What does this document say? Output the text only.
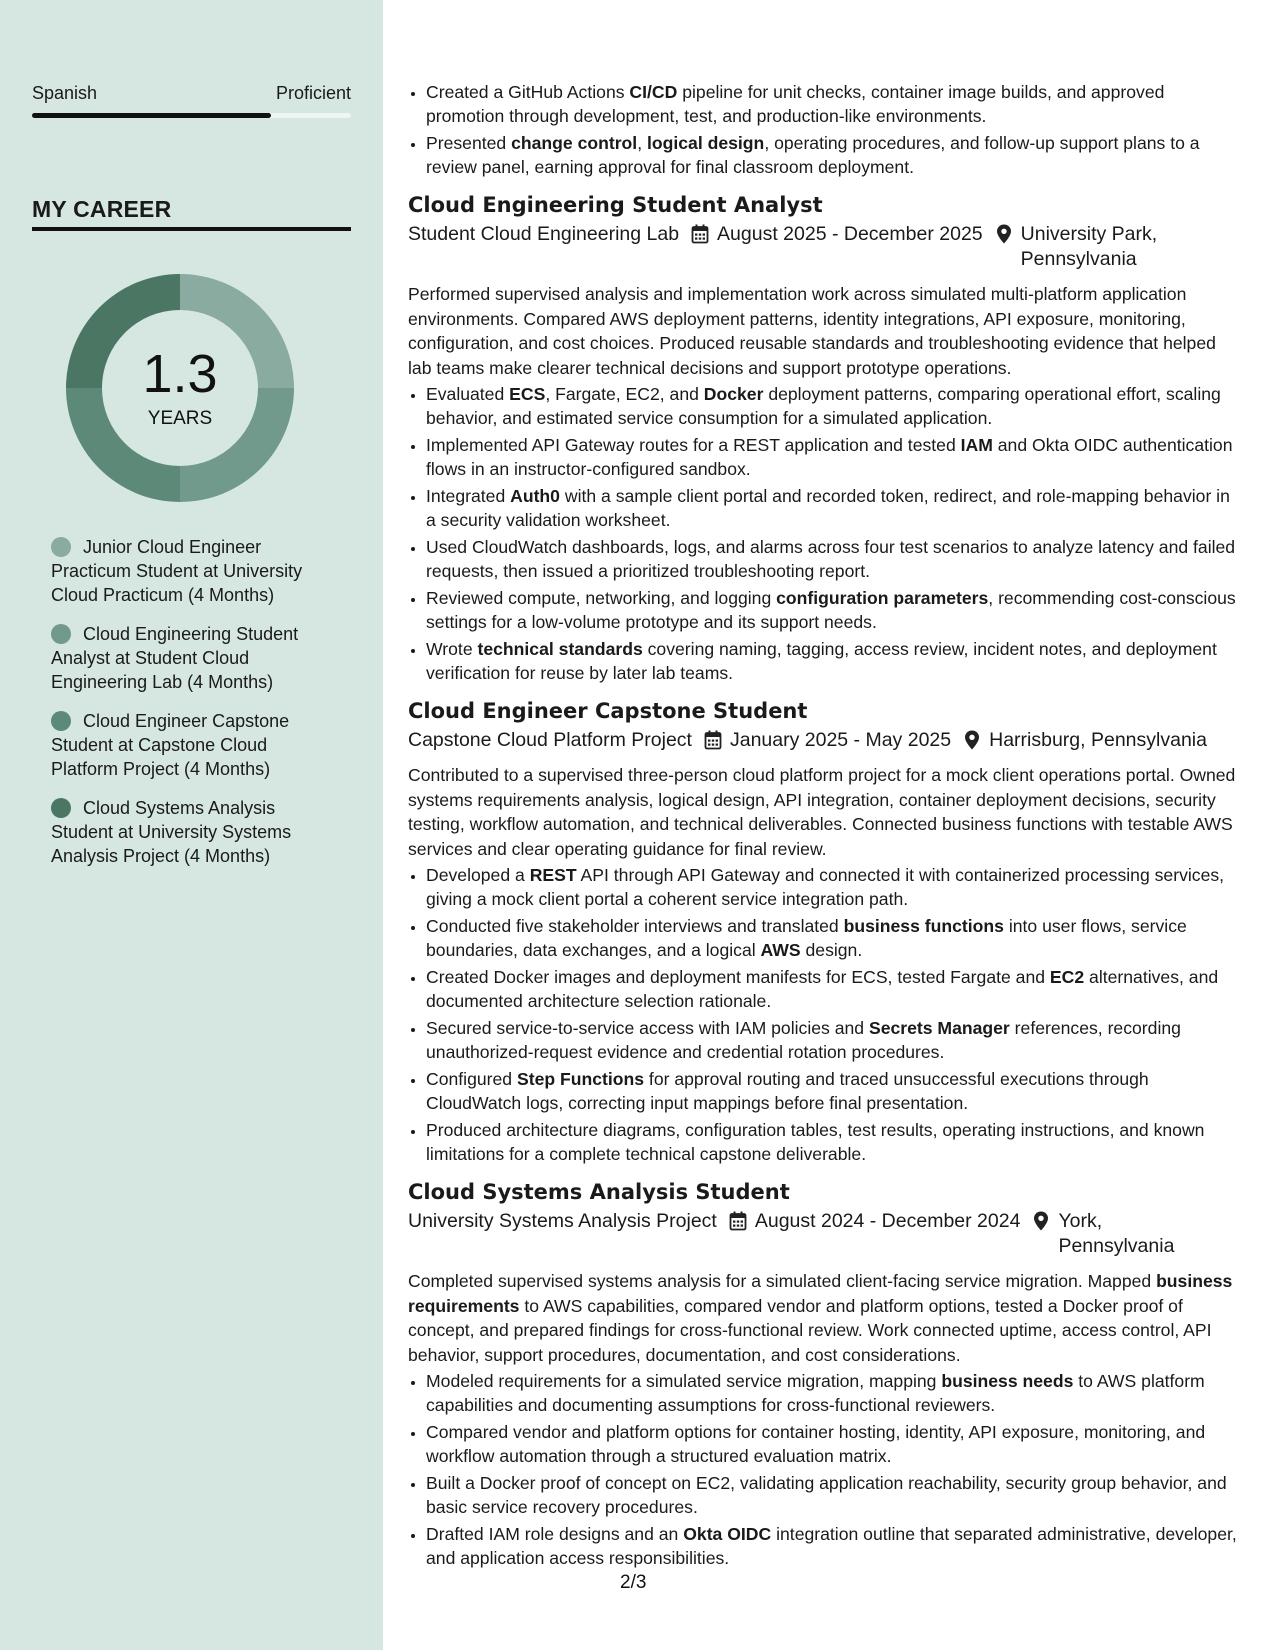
Spanish	Proficient
MY CAREER
1.3
YEARS
Junior Cloud Engineer Practicum Student at University Cloud Practicum (4 Months)
Cloud Engineering Student Analyst at Student Cloud Engineering Lab (4 Months)
Cloud Engineer Capstone Student at Capstone Cloud Platform Project (4 Months)
Cloud Systems Analysis Student at University Systems Analysis Project (4 Months)
• Created a GitHub Actions CI/CD pipeline for unit checks, container image builds, and approved promotion through development, test, and production-like environments.
• Presented change control, logical design, operating procedures, and follow-up support plans to a review panel, earning approval for final classroom deployment.
Cloud Engineering Student Analyst
Student Cloud Engineering Lab August 2025 - December 2025 University Park, Pennsylvania
Performed supervised analysis and implementation work across simulated multi-platform application environments. Compared AWS deployment patterns, identity integrations, API exposure, monitoring, configuration, and cost choices. Produced reusable standards and troubleshooting evidence that helped lab teams make clearer technical decisions and support prototype operations.
• Evaluated ECS, Fargate, EC2, and Docker deployment patterns, comparing operational effort, scaling behavior, and estimated service consumption for a simulated application.
• Implemented API Gateway routes for a REST application and tested IAM and Okta OIDC authentication flows in an instructor-configured sandbox.
• Integrated Auth0 with a sample client portal and recorded token, redirect, and role-mapping behavior in a security validation worksheet.
• Used CloudWatch dashboards, logs, and alarms across four test scenarios to analyze latency and failed requests, then issued a prioritized troubleshooting report.
• Reviewed compute, networking, and logging configuration parameters, recommending cost-conscious settings for a low-volume prototype and its support needs.
• Wrote technical standards covering naming, tagging, access review, incident notes, and deployment verification for reuse by later lab teams.
Cloud Engineer Capstone Student
Capstone Cloud Platform Project January 2025 - May 2025 Harrisburg, Pennsylvania
Contributed to a supervised three-person cloud platform project for a mock client operations portal. Owned systems requirements analysis, logical design, API integration, container deployment decisions, security testing, workflow automation, and technical deliverables. Connected business functions with testable AWS services and clear operating guidance for final review.
• Developed a REST API through API Gateway and connected it with containerized processing services, giving a mock client portal a coherent service integration path.
• Conducted five stakeholder interviews and translated business functions into user flows, service boundaries, data exchanges, and a logical AWS design.
• Created Docker images and deployment manifests for ECS, tested Fargate and EC2 alternatives, and documented architecture selection rationale.
• Secured service-to-service access with IAM policies and Secrets Manager references, recording unauthorized-request evidence and credential rotation procedures.
• Configured Step Functions for approval routing and traced unsuccessful executions through CloudWatch logs, correcting input mappings before final presentation.
• Produced architecture diagrams, configuration tables, test results, operating instructions, and known limitations for a complete technical capstone deliverable.
Cloud Systems Analysis Student
University Systems Analysis Project August 2024 - December 2024 York, Pennsylvania
Completed supervised systems analysis for a simulated client-facing service migration. Mapped business requirements to AWS capabilities, compared vendor and platform options, tested a Docker proof of concept, and prepared findings for cross-functional review. Work connected uptime, access control, API behavior, support procedures, documentation, and cost considerations.
• Modeled requirements for a simulated service migration, mapping business needs to AWS platform capabilities and documenting assumptions for cross-functional reviewers.
• Compared vendor and platform options for container hosting, identity, API exposure, monitoring, and workflow automation through a structured evaluation matrix.
• Built a Docker proof of concept on EC2, validating application reachability, security group behavior, and basic service recovery procedures.
• Drafted IAM role designs and an Okta OIDC integration outline that separated administrative, developer, and application access responsibilities.
2/3
